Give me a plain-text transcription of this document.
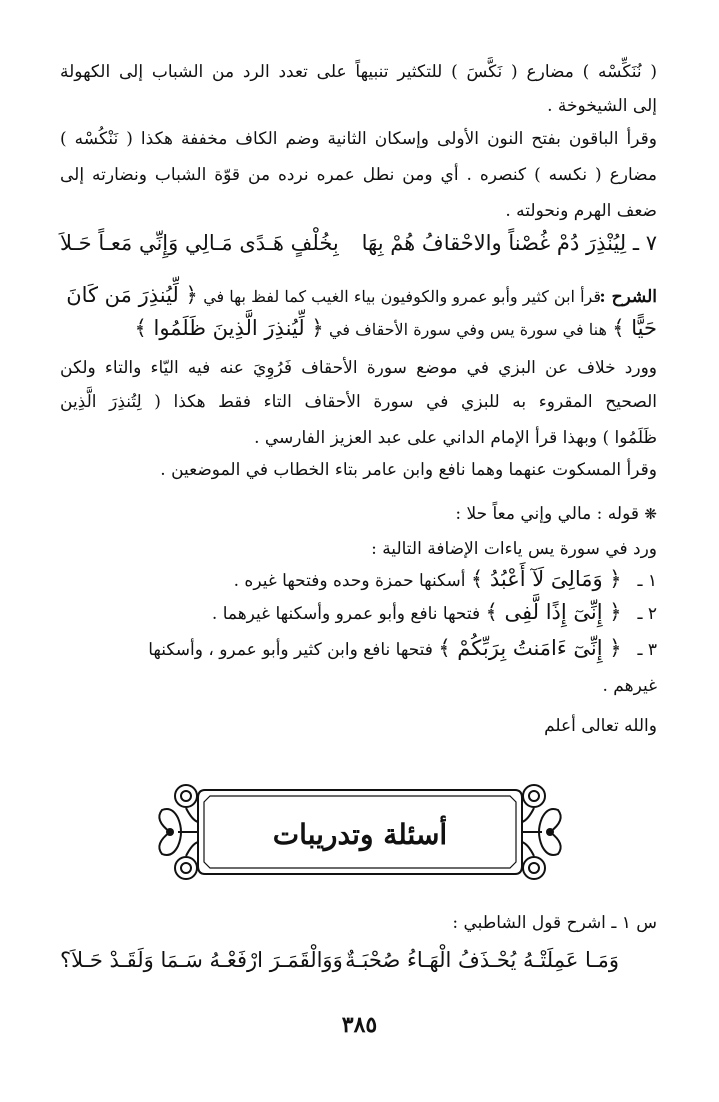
( نُنَكِّسْه ) مضارع ( نَكَّسَ ) للتكثير تنبيهاً على تعدد الرد من الشباب إلى الكهولة
إلى الشيخوخة .
وقرأ الباقون بفتح النون الأولى وإسكان الثانية وضم الكاف مخففة هكذا ( نَنْكُسْه )
مضارع ( نكسه ) كنصره . أي ومن نطل عمره نرده من قوّة الشباب ونضارته إلى
ضعف الهرم ونحولته .
٧ ـ لِيُنْذِرَ دُمْ غُصْناً والاحْقافُ هُمْ بِهَا
بِخُلْفٍ هَـدًى مَـالِي وَإِنِّي مَعـاً حَـلاَ
الشرح :
قرأ ابن كثير وأبو عمرو والكوفيون بياء الغيب كما لفظ بها في ﴿ لِّيُنذِرَ مَن كَانَ
حَيًّا ﴾ هنا في سورة يس وفي سورة الأحقاف في ﴿ لِّيُنذِرَ الَّذِينَ ظَلَمُوا ﴾
وورد خلاف عن البزي في موضع سورة الأحقاف فَرُوِيَ عنه فيه اليّاء والتاء ولكن
الصحيح المقروء به للبزي في سورة الأحقاف التاء فقط هكذا ( لِتُنذِرَ الَّذِين
ظَلَمُوا ) وبهذا قرأ الإمام الداني على عبد العزيز الفارسي .
وقرأ المسكوت عنهما وهما نافع وابن عامر بتاء الخطاب في الموضعين .
❋ قوله : مالي وإني معاً حلا :
ورد في سورة يس ياءات الإضافة التالية :
١ ـ ﴿ وَمَالِىَ لَآ أَعْبُدُ ﴾ أسكنها حمزة وحده وفتحها غيره .
٢ ـ ﴿ إِنِّىٓ إِذًا لَّفِى ﴾ فتحها نافع وأبو عمرو وأسكنها غيرهما .
٣ ـ ﴿ إِنِّىٓ ءَامَنتُ بِرَبِّكُمْ ﴾ فتحها نافع وابن كثير وأبو عمرو ، وأسكنها
غيرهم .
والله تعالى أعلم
أسئلة وتدريبات
س ١ ـ اشرح قول الشاطبي :
وَمَـا عَمِلَتْـهُ يُحْـذَفُ الْهَـاءُ صُحْبَـةٌ
وَوَالْقَمَـرَ ارْفَعْـهُ سَـمَا وَلَقَـدْ حَـلاَ؟
٣٨٥
